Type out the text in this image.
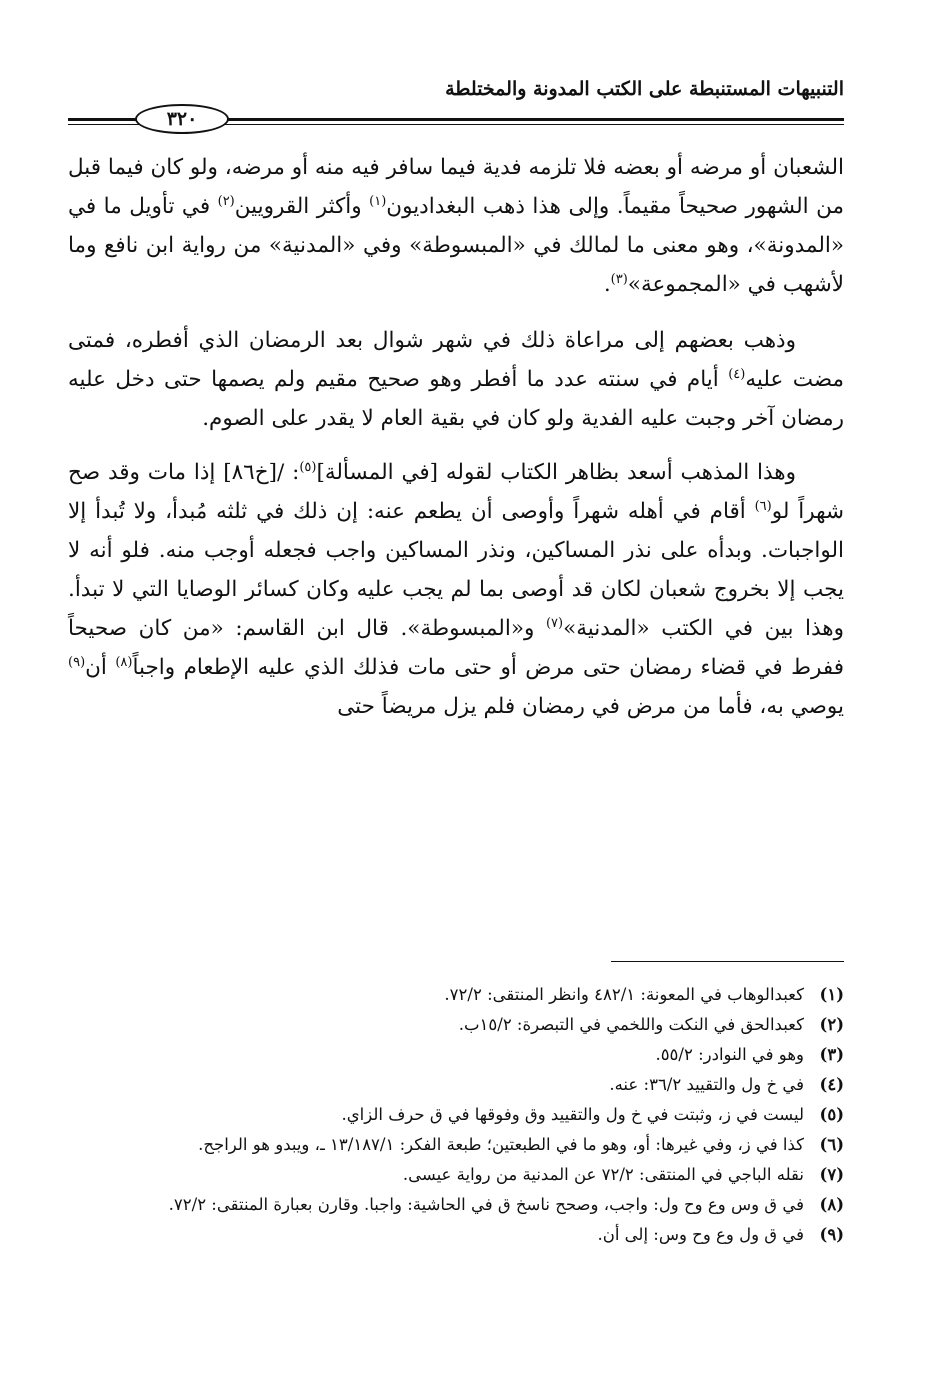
التنبيهات المستنبطة على الكتب المدونة والمختلطة
٣٢٠

الشعبان أو مرضه أو بعضه فلا تلزمه فدية فيما سافر فيه منه أو مرضه، ولو كان فيما قبل من الشهور صحيحاً مقيماً. وإلى هذا ذهب البغداديون$^{(١)}$ وأكثر القرويين$^{(٢)}$ في تأويل ما في «المدونة»، وهو معنى ما لمالك في «المبسوطة» وفي «المدنية» من رواية ابن نافع وما لأشهب في «المجموعة»$^{(٣)}$.

وذهب بعضهم إلى مراعاة ذلك في شهر شوال بعد الرمضان الذي أفطره، فمتى مضت عليه$^{(٤)}$ أيام في سنته عدد ما أفطر وهو صحيح مقيم ولم يصمها حتى دخل عليه رمضان آخر وجبت عليه الفدية ولو كان في بقية العام لا يقدر على الصوم.

وهذا المذهب أسعد بظاهر الكتاب لقوله [في المسألة]$^{(٥)}$: /[خ٨٦] إذا مات وقد صح شهراً لو$^{(٦)}$ أقام في أهله شهراً وأوصى أن يطعم عنه: إن ذلك في ثلثه مُبدأ، ولا تُبدأ إلا الواجبات. وبدأه على نذر المساكين، ونذر المساكين واجب فجعله أوجب منه. فلو أنه لا يجب إلا بخروج شعبان لكان قد أوصى بما لم يجب عليه وكان كسائر الوصايا التي لا تبدأ. وهذا بين في الكتب «المدنية»$^{(٧)}$ و«المبسوطة». قال ابن القاسم: «من كان صحيحاً ففرط في قضاء رمضان حتى مرض أو حتى مات فذلك الذي عليه الإطعام واجباً$^{(٨)}$ أن$^{(٩)}$ يوصي به، فأما من مرض في رمضان فلم يزل مريضاً حتى

(١)
كعبدالوهاب في المعونة: ٤٨٢/١ وانظر المنتقى: ٧٢/٢.
(٢)
كعبدالحق في النكت واللخمي في التبصرة: ١٥/٢ب.
(٣)
وهو في النوادر: ٥٥/٢.
(٤)
في خ ول والتقييد ٣٦/٢: عنه.
(٥)
ليست في ز، وثبتت في خ ول والتقييد وق وفوقها في ق حرف الزاي.
(٦)
كذا في ز، وفي غيرها: أو، وهو ما في الطبعتين؛ طبعة الفكر: ١٣/١٨٧/١ ـ، ويبدو هو الراجح.
(٧)
نقله الباجي في المنتقى: ٧٢/٢ عن المدنية من رواية عيسى.
(٨)
في ق وس وع وح ول: واجب، وصحح ناسخ ق في الحاشية: واجبا. وقارن بعبارة المنتقى: ٧٢/٢.
(٩)
في ق ول وع وح وس: إلى أن.
